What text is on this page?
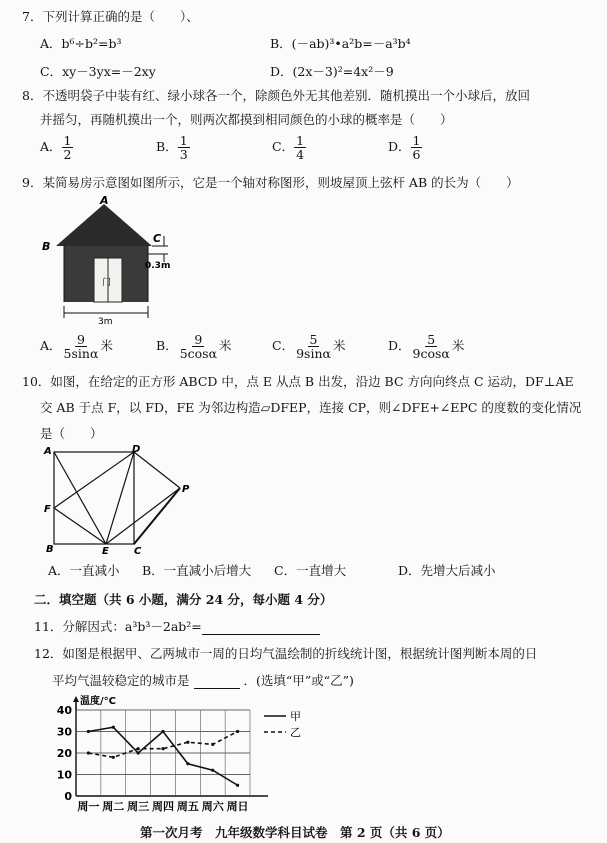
7．下列计算正确的是（　　）、
A．b⁶÷b²=b³	B．(－ab)³•a²b=－a³b⁴
C．xy－3yx=－2xy	D．(2x－3)²=4x²－9
8．不透明袋子中装有红、绿小球各一个，除颜色外无其他差别．随机摸出一个小球后，放回
并摇匀，再随机摸出一个，则两次都摸到相同颜色的小球的概率是（　　）
A． $\frac{1}{2}$	B． $\frac{1}{3}$	C． $\frac{1}{4}$	D． $\frac{1}{6}$
9．某简易房示意图如图所示，它是一个轴对称图形，则坡屋顶上弦杆 AB 的长为（　　）
A
B
C
0.3m
3m
门
A． $\frac{9}{5\sin\alpha}$ 米	B． $\frac{9}{5\cos\alpha}$ 米	C． $\frac{5}{9\sin\alpha}$ 米	D． $\frac{5}{9\cos\alpha}$ 米
10．如图，在给定的正方形 ABCD 中，点 E 从点 B 出发，沿边 BC 方向向终点 C 运动，DF⊥AE
交 AB 于点 F，以 FD，FE 为邻边构造▱DFEP，连接 CP，则∠DFE+∠EPC 的度数的变化情况
是（　　）
A	D
F
P
B	E	C
A．一直减小 B．一直减小后增大 C．一直增大	D．先增大后减小
二．填空题（共 6 小题，满分 24 分，每小题 4 分）
11．分解因式：a³b³－2ab²=
12．如图是根据甲、乙两城市一周的日均气温绘制的折线统计图，根据统计图判断本周的日
平均气温较稳定的城市是	．(选填“甲”或“乙”)
0
10
20
30
40
温度/°C
周一 周二 周三 周四 周五 周六 周日
甲
乙
第一次月考　九年级数学科目试卷　第 2 页（共 6 页）
